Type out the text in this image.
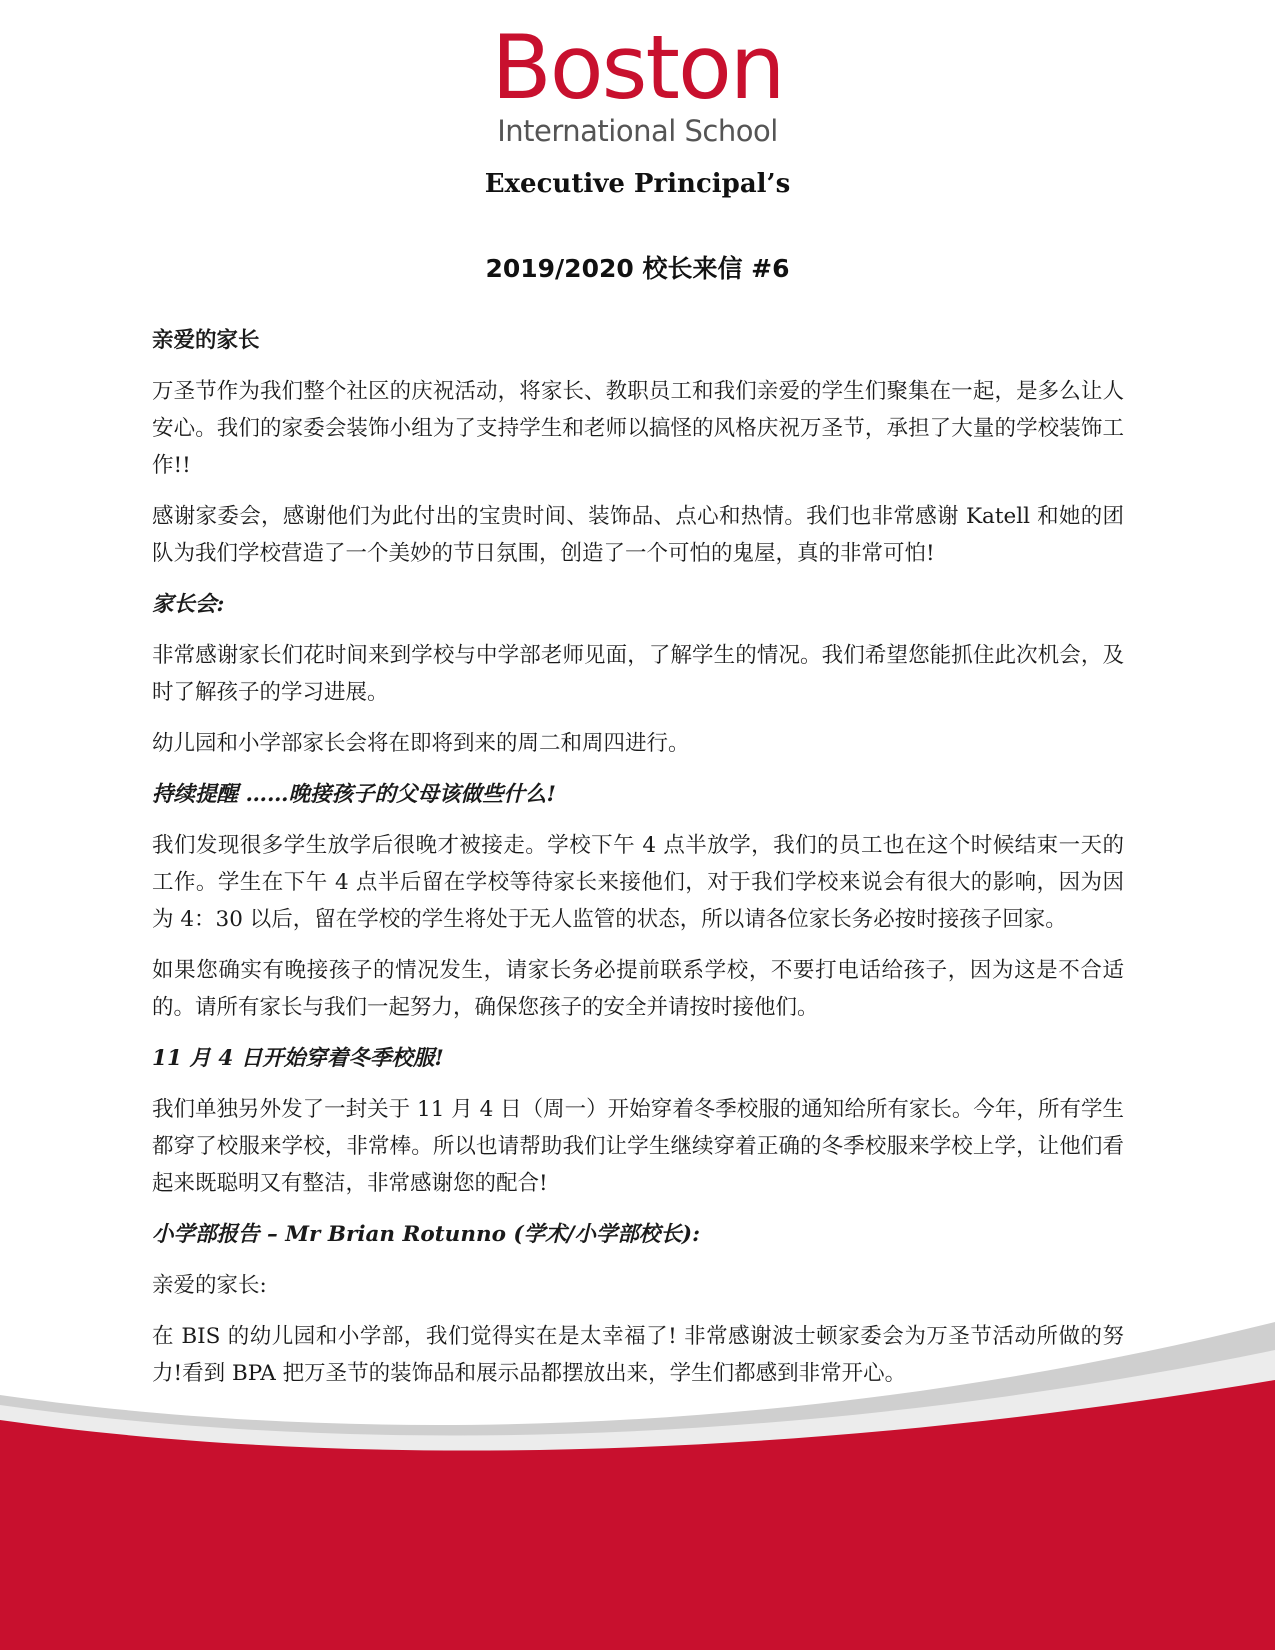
Boston
International School
Executive Principal’s
2019/2020 校长来信 #6

亲爱的家长

万圣节作为我们整个社区的庆祝活动，将家长、教职员工和我们亲爱的学生们聚集在一起，是多么让人安心。我们的家委会装饰小组为了支持学生和老师以搞怪的风格庆祝万圣节，承担了大量的学校装饰工作!!

感谢家委会，感谢他们为此付出的宝贵时间、装饰品、点心和热情。我们也非常感谢 Katell 和她的团队为我们学校营造了一个美妙的节日氛围，创造了一个可怕的鬼屋，真的非常可怕!

家长会:

非常感谢家长们花时间来到学校与中学部老师见面，了解学生的情况。我们希望您能抓住此次机会，及时了解孩子的学习进展。

幼儿园和小学部家长会将在即将到来的周二和周四进行。

持续提醒 ……晚接孩子的父母该做些什么!

我们发现很多学生放学后很晚才被接走。学校下午 4 点半放学，我们的员工也在这个时候结束一天的工作。学生在下午 4 点半后留在学校等待家长来接他们，对于我们学校来说会有很大的影响，因为因为 4：30 以后，留在学校的学生将处于无人监管的状态，所以请各位家长务必按时接孩子回家。

如果您确实有晚接孩子的情况发生，请家长务必提前联系学校，不要打电话给孩子，因为这是不合适的。请所有家长与我们一起努力，确保您孩子的安全并请按时接他们。

11 月 4 日开始穿着冬季校服!

我们单独另外发了一封关于 11 月 4 日（周一）开始穿着冬季校服的通知给所有家长。今年，所有学生都穿了校服来学校，非常棒。所以也请帮助我们让学生继续穿着正确的冬季校服来学校上学，让他们看起来既聪明又有整洁，非常感谢您的配合!

小学部报告 – Mr Brian Rotunno (学术/小学部校长):

亲爱的家长:

在 BIS 的幼儿园和小学部，我们觉得实在是太幸福了! 非常感谢波士顿家委会为万圣节活动所做的努力!看到 BPA 把万圣节的装饰品和展示品都摆放出来，学生们都感到非常开心。
